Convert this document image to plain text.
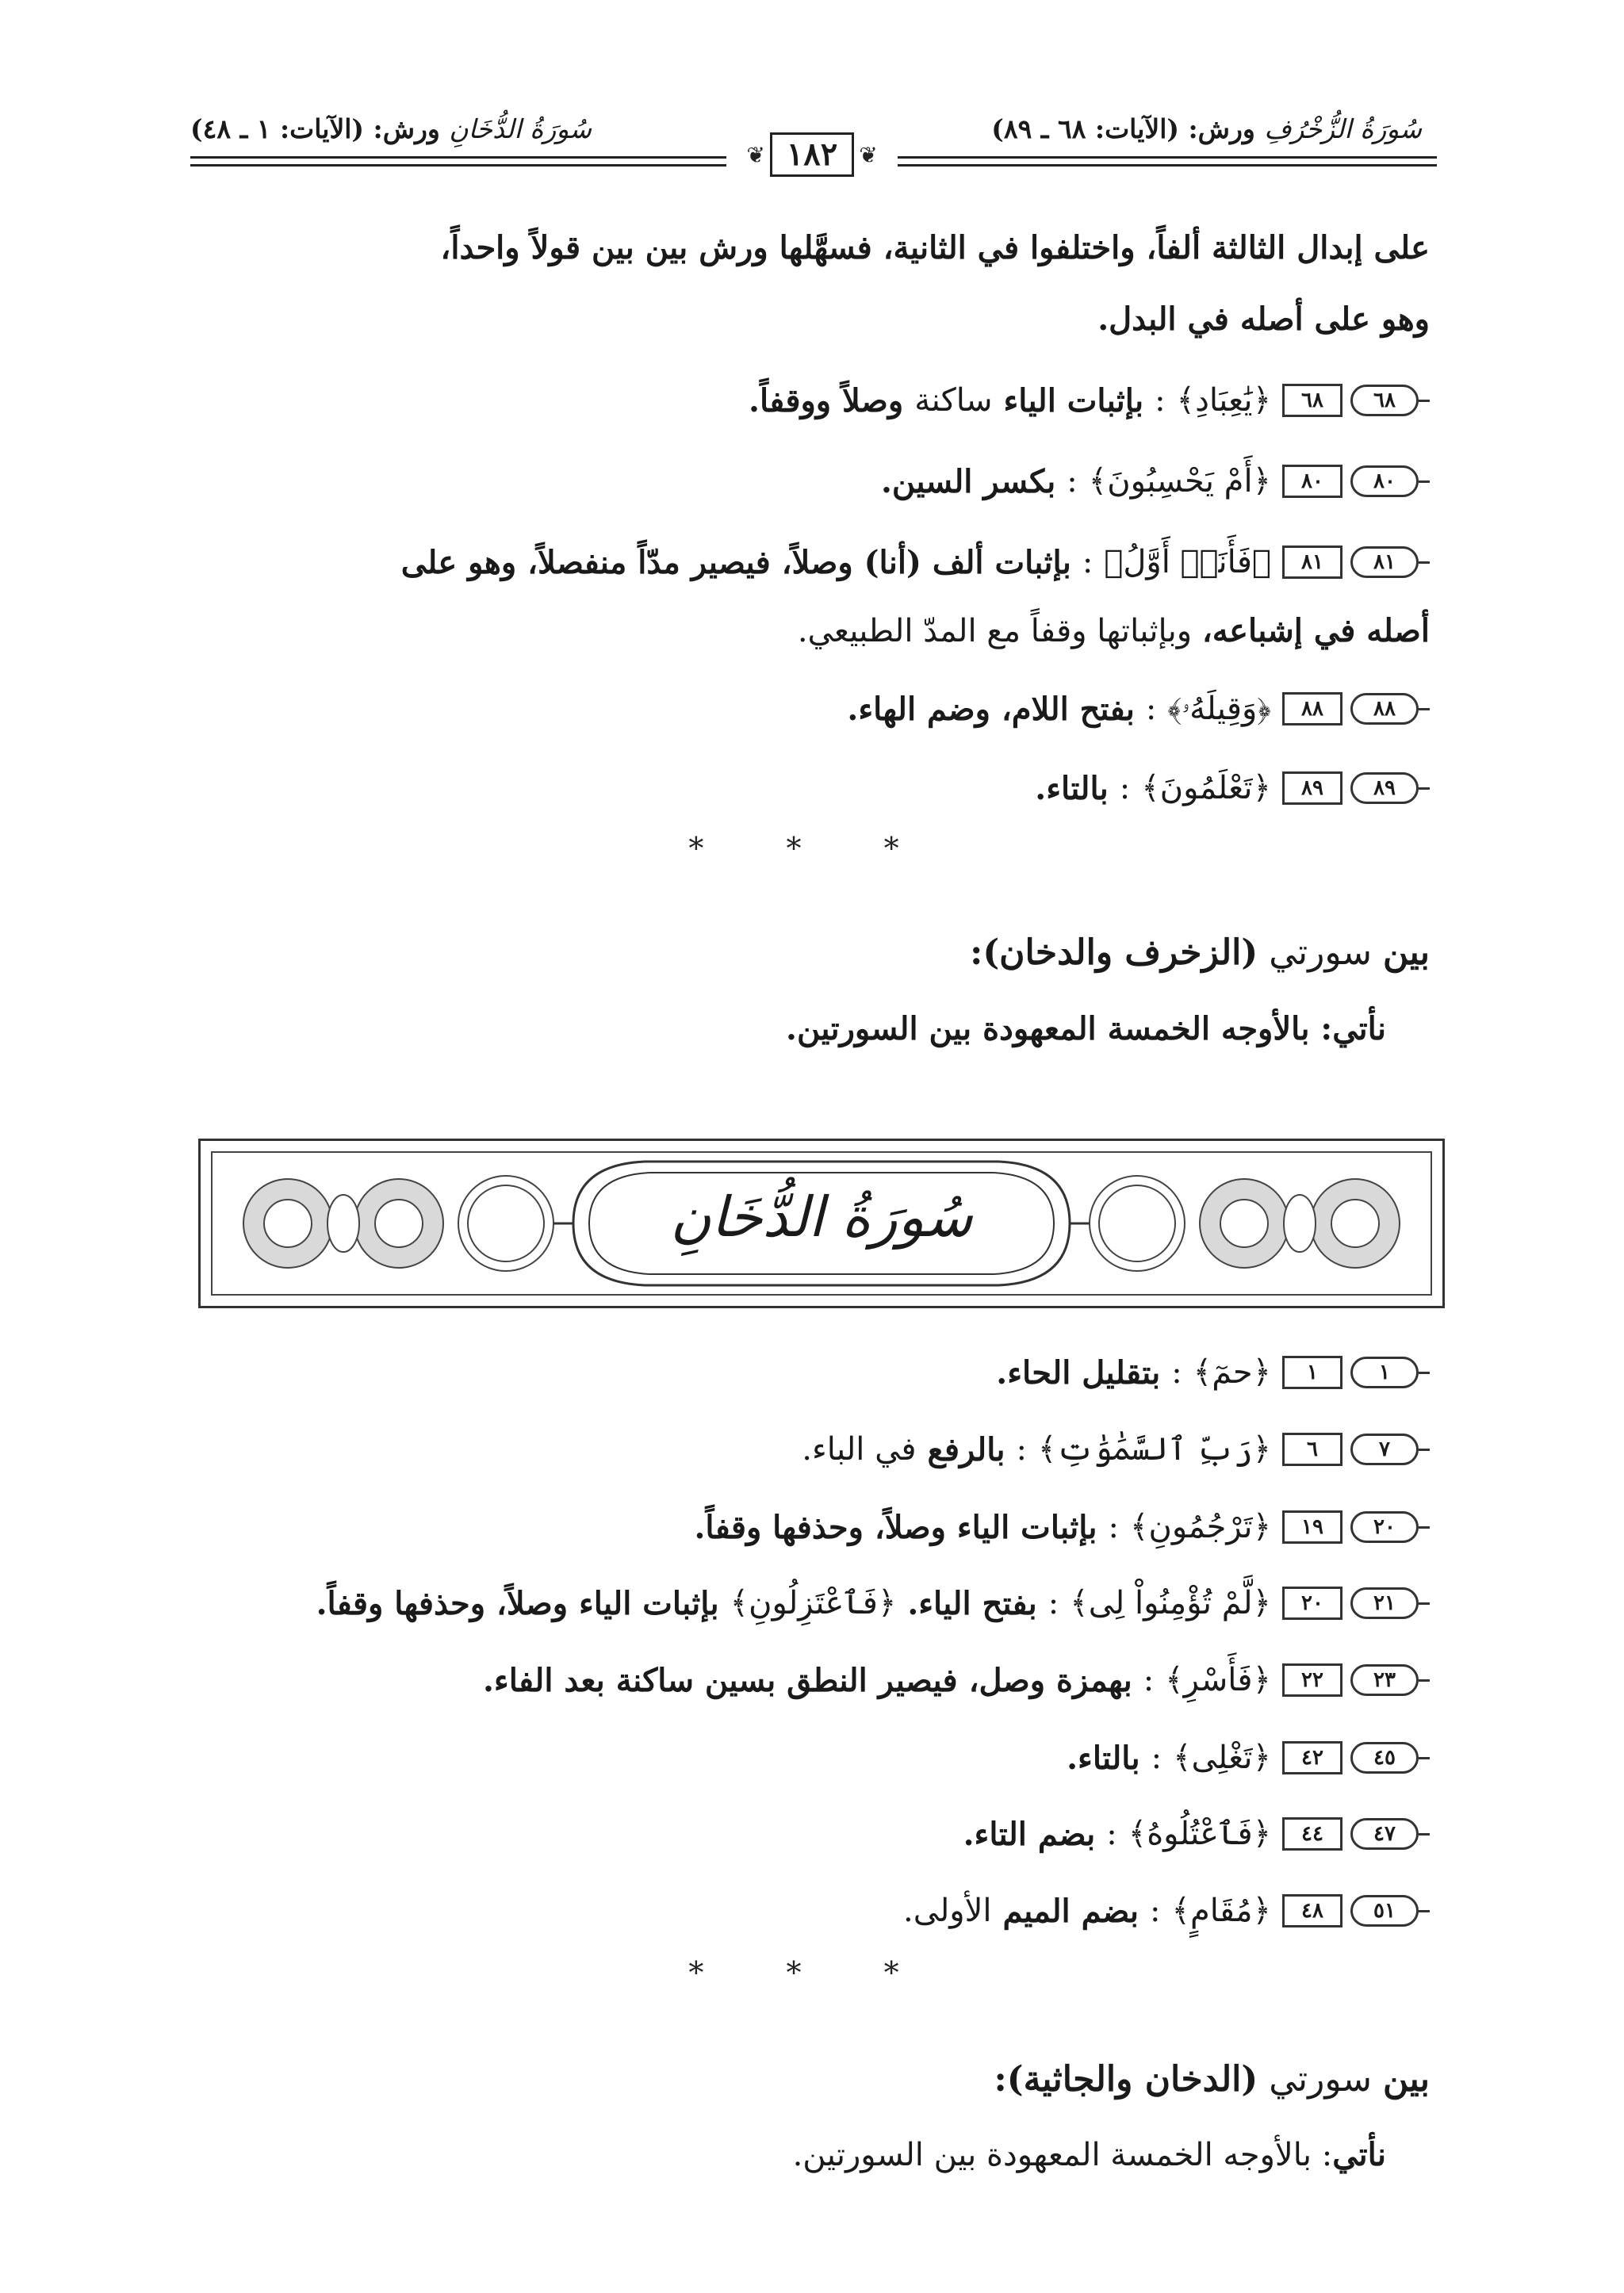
سُورَةُ الزُّخْرُفِ ورش: (الآيات: ٦٨ ـ ٨٩)
سُورَةُ الدُّخَانِ ورش: (الآيات: ١ ـ ٤٨)
❦
١٨٢
❦
على إبدال الثالثة ألفاً، واختلفوا في الثانية، فسهَّلها ورش بين بين قولاً واحداً،
وهو على أصله في البدل.
٦٨
٦٨
﴿يَٰعِبَادِ﴾
:
بإثبات الياء
ساكنة
وصلاً ووقفاً.
٨٠
٨٠
﴿أَمْ يَحْسِبُونَ﴾
:
بكسر السين.
٨١
٨١
﴿فَأَنَا۠ أَوَّلُ﴾
:
بإثبات ألف (أنا) وصلاً، فيصير مدّاً منفصلاً، وهو على
أصله في إشباعه، وبإثباتها وقفاً مع المدّ الطبيعي.
٨٨
٨٨
﴿وَقِيلَهُۥ﴾
:
بفتح اللام، وضم الهاء.
٨٩
٨٩
﴿تَعْلَمُونَ﴾
:
بالتاء.
* * *
بين سورتي (الزخرف والدخان):
نأتي: بالأوجه الخمسة المعهودة بين السورتين.
سُورَةُ الدُّخَانِ
١
١
﴿حمٓ﴾
:
بتقليل الحاء.
٧
٦
﴿رَبِّ ٱلسَّمَٰوَٰتِ﴾
:
بالرفع
في الباء.
٢٠
١٩
﴿تَرْجُمُونِ﴾
:
بإثبات الياء وصلاً، وحذفها وقفاً.
٢١
٢٠
﴿لَّمْ تُؤْمِنُواْ لِى﴾
:
بفتح الياء.
﴿فَٱعْتَزِلُونِ﴾
بإثبات الياء وصلاً، وحذفها وقفاً.
٢٣
٢٢
﴿فَأَسْرِ﴾
:
بهمزة وصل، فيصير النطق بسين ساكنة بعد الفاء.
٤٥
٤٢
﴿تَغْلِى﴾
:
بالتاء.
٤٧
٤٤
﴿فَٱعْتُلُوهُ﴾
:
بضم التاء.
٥١
٤٨
﴿مُقَامٍ﴾
:
بضم الميم
الأولى.
* * *
بين سورتي (الدخان والجاثية):
نأتي: بالأوجه الخمسة المعهودة بين السورتين.
